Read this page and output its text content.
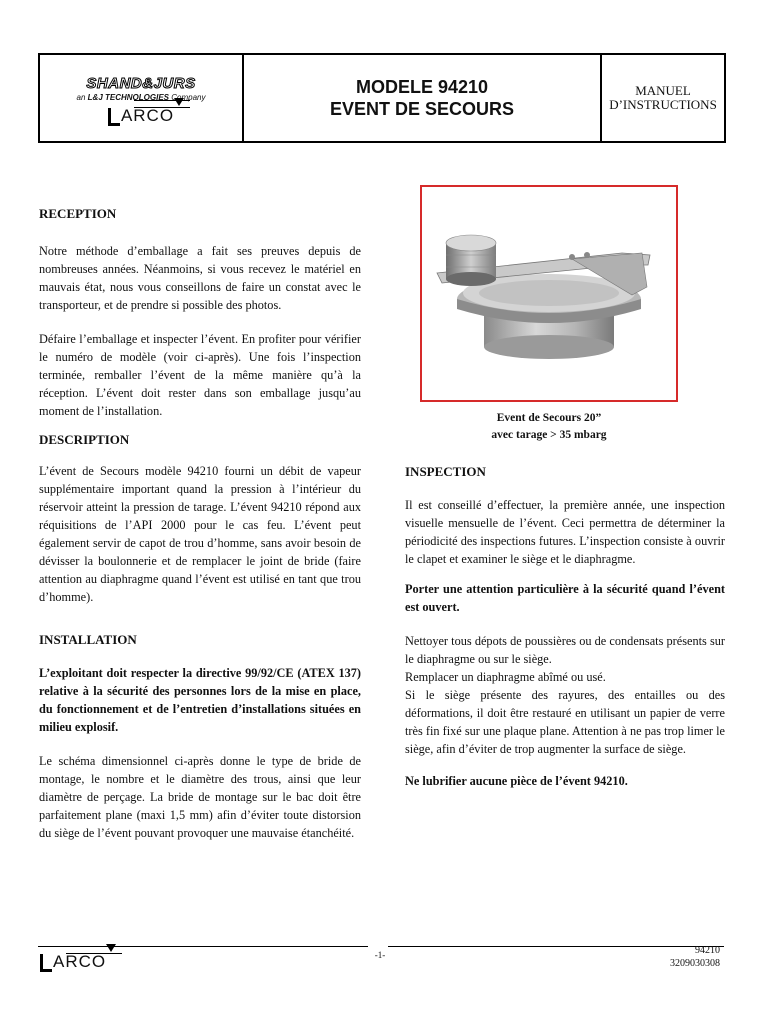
SHAND&JURS
an L&J TECHNOLOGIES Company
ARCO
MODELE 94210
EVENT DE SECOURS
MANUEL
D’INSTRUCTIONS
RECEPTION

Notre méthode d’emballage a fait ses preuves depuis de nombreuses années. Néanmoins, si vous recevez le matériel en mauvais état, nous vous conseillons de faire un constat avec le transporteur, et de prendre si possible des photos.

Défaire l’emballage et inspecter l’évent. En profiter pour vérifier le numéro de modèle (voir ci-après). Une fois l’inspection terminée, remballer l’évent de la même manière qu’à la réception. L’évent doit rester dans son emballage jusqu’au moment de l’installation.

DESCRIPTION

L’évent de Secours modèle 94210 fourni un débit de vapeur supplémentaire important quand la pression à l’intérieur du réservoir atteint la pression de tarage. L’évent 94210 répond aux réquisitions de l’API 2000 pour le cas feu. L’évent peut également servir de capot de trou d’homme, sans avoir besoin de dévisser la boulonnerie et de remplacer le joint de bride (faire attention au diaphragme quand l’évent est utilisé en tant que trou d’homme).

INSTALLATION

L’exploitant doit respecter la directive 99/92/CE (ATEX 137) relative à la sécurité des personnes lors de la mise en place, du fonctionnement et de l’entretien d’installations situées en milieu explosif.

Le schéma dimensionnel ci-après donne le type de bride de montage, le nombre et le diamètre des trous, ainsi que leur diamètre de perçage. La bride de montage sur le bac doit être parfaitement plane (maxi 1,5 mm) afin d’éviter toute distorsion du siège de l’évent pouvant provoquer une mauvaise étanchéité.

Event de Secours 20”
avec tarage > 35 mbarg
INSPECTION

Il est conseillé d’effectuer, la première année, une inspection visuelle mensuelle de l’évent. Ceci permettra de déterminer la périodicité des inspections futures. L’inspection consiste à ouvrir le clapet et examiner le siège et le diaphragme.

Porter une attention particulière à la sécurité quand l’évent est ouvert.

Nettoyer tous dépots de poussières ou de condensats présents sur le diaphragme ou sur le siège.
Remplacer un diaphragme abîmé ou usé.
Si le siège présente des rayures, des entailles ou des déformations, il doit être restauré en utilisant un papier de verre très fin fixé sur une plaque plane. Attention à ne pas trop limer le siège, afin d’éviter de trop augmenter la surface de siège.

Ne lubrifier aucune pièce de l’évent 94210.

-1-	94210
3209030308
ARCO
